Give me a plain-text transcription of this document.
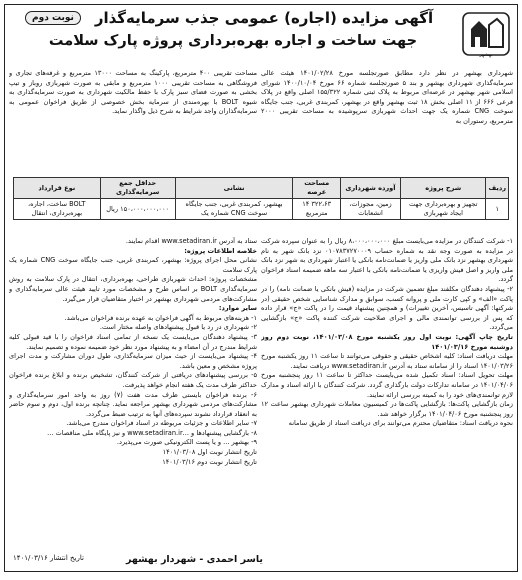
بهشهر
نوبت دوم	آگهی مزایده (اجاره) عمومی جذب سرمایه‌گذار
جهت ساخت و اجاره بهره‌برداری پروژه پارک سلامت

شهرداری بهشهر در نظر دارد مطابق صورتجلسه مورخ ۱۴۰۱/۰۲/۲۸ هیئت عالی سرمایه‌گذاری شهرداری بهشهر و بند ۵ صورتجلسه شماره ۶۶ مورخ ۱۴۰۰/۱۰/۰۴ شورای اسلامی شهر بهشهر در عرصه‌ای مربوط به پلاک ثبتی شماره ۱۵۵/۳۲۲ اصلی واقع در پلاک فرعی ۶۶۶ از ۱۱ اصلی بخش ۱۸ ثبت بهشهر واقع در بهشهر، کمربندی غربی، جنب جایگاه سوخت CNG شماره یک جهت احداث شهربازی سرپوشیده به مساحت تقریبی ۲۰۰۰ مترمربع، رستوران به

مساحت تقریبی ۴۰۰ مترمربع، پارکینگ به مساحت ۱۳۰۰۰ مترمربع و غرفه‌های تجاری و فروشگاهی به مساحت تقریبی ۱۰۰۰ مترمربع و مابقی به صورت شهربازی روباز و تیپ بخشی به صورت فضای سبز پارک با حفظ مالکیت شهرداری به صورت سرمایه‌گذاری به شیوه BOLT با بهره‌مندی از سرمایه بخش خصوصی از طریق فراخوان عمومی به سرمایه‌گذاران واجد شرایط به شرح ذیل واگذار نماید.

ردیف	شرح پروژه	آورده شهرداری	مساحت عرصه	نشانی	حداقل جمع سرمایه‌گذاری	نوع قرارداد
۱	تجهیز و بهره‌برداری جهت ایجاد شهربازی	زمین، مجوزات، انشعابات	۳۲۲،۶۳ ۱۴ مترمربع	بهشهر، کمربندی غربی، جنب جایگاه سوخت CNG شماره یک	۱۵۰،۰۰۰،۰۰۰،۰۰۰ ریال	BOLT ساخت، اجاره، بهره‌برداری، انتقال

۱- شرکت کنندگان در مزایده می‌بایست مبلغ ۸،۰۰۰،۰۰۰،۰۰۰ ریال را به عنوان سپرده شرکت در مزایده به صورت وجه نقد به شماره حساب ۰۱۰۷۸۳۷۲۷۰۰۰۹ نزد بانک شهر به نام شهرداری بهشهر نزد بانک ملی واریز یا ضمانت‌نامه بانکی یا اعتبار شهرداری به شهر نزد بانک ملی واریز و اصل فیش واریزی یا ضمانت‌نامه بانکی با اعتبار سه ماهه ضمیمه اسناد فراخوان گردد.

۲- پیشنهاد دهندگان مکلفند مبلغ تضمین شرکت در مزایده (فیش بانکی یا ضمانت نامه) را در پاکت «الف» و کپی کارت ملی و پروانه کسب، سوابق و مدارک شناسایی شخص حقیقی (در شرکتها: آگهی تاسیس، آخرین تغییرات) و همچنین پیشنهاد قیمت را در پاکت «ج» قرار داده که پس از بررسی توانمندی مالی و اجرای صلاحیت شرکت کننده پاکت «ج» بازگشایی می‌گردد.

تاریخ چاپ آگهی: نوبت اول روز یکشنبه مورخ ۱۴۰۱/۰۳/۰۸، نوبت دوم روز دوشنبه مورخ ۱۴۰۱/۰۳/۱۶

مهلت دریافت اسناد: کلیه اشخاص حقیقی و حقوقی می‌توانند تا ساعت ۱۱ روز یکشنبه مورخ ۱۴۰۱/۰۳/۲۶ اسناد را از سامانه ستاد به آدرس www.setadiran.ir دریافت نمایند.

مهلت تحویل اسناد: اسناد تکمیل شده می‌بایست حداکثر تا ساعت ۱۱ روز پنجشنبه مورخ ۱۴۰۱/۰۴/۰۶ در سامانه تدارکات دولت بارگذاری گردد. شرکت کنندگان با ارائه اسناد و مدارک لازم توانمندی‌های خود را به کمیته بررسی ارائه نمایند.

زمان بازگشایی پاکت‌ها: بازگشایی پاکت‌ها در کمیسیون معاملات شهرداری بهشهر ساعت ۱۲ روز پنجشنبه مورخ ۱۴۰۱/۰۴/۰۶ برگزار خواهد شد.

نحوه دریافت اسناد: متقاضیان محترم می‌توانند برای دریافت اسناد از طریق سامانه

ستاد به آدرس www.setadiran.ir اقدام نمایند.

خلاصه اطلاعات پروژه:

نشانی محل اجرای پروژه: بهشهر، کمربندی غربی، جنب جایگاه سوخت CNG شماره یک پارک سلامت

مشخصات پروژه: احداث شهربازی طراحی، بهره‌برداری، انتقال در پارک سلامت به روش سرمایه‌گذاری BOLT بر اساس طرح و مشخصات مورد تایید هیئت عالی سرمایه‌گذاری و مشارکت‌های مردمی شهرداری بهشهر در اختیار متقاضیان قرار می‌گیرد.

سایر موارد:

۱- هزینه‌های مربوط به آگهی فراخوان به عهده برنده فراخوان می‌باشد.

۲- شهرداری در رد یا قبول پیشنهادهای واصله مختار است.

۳- پیشنهاد دهندگان می‌بایست یک نسخه از تمامی اسناد فراخوان را با قید قبولی کلیه شرایط مندرج در آن امضاء و به پیشنهاد مورد نظر خود ضمیمه نموده و تصمیم نمایند.

۴- پیشنهاد می‌بایست از حیث میزان سرمایه‌گذاری، طول دوران مشارکت و مدت اجرای پروژه مشخص و معین باشد.

۵- بررسی پیشنهادهای دریافتی از شرکت کنندگان، تشخیص برنده و ابلاغ برنده فراخوان حداکثر ظرف مدت یک هفته انجام خواهد پذیرفت.

۶- برنده فراخوان بایستی ظرف مدت هفت (۷) روز به واحد امور سرمایه‌گذاری و مشارکت‌های مردمی شهرداری بهشهر مراجعه نماید. چنانچه برنده اول، دوم و سوم حاضر به انعقاد قرارداد نشوند سپرده‌های آنها به ترتیب ضبط می‌گردد.

۷- سایر اطلاعات و جزئیات مربوطه در اسناد فراخوان مندرج می‌باشد.

۸- بازگشایی پیشنهادها و ...www.setadiran.ir و نیز پایگاه ملی مناقصات ...

۹- بهشهر ... و یا پست الکترونیکی صورت می‌پذیرد.

تاریخ انتشار نوبت اول ۱۴۰۱/۰۳/۰۸

تاریخ انتشار نوبت دوم ۱۴۰۱/۰۳/۱۶

یاسر احمدی - شهردار بهشهر
تاریخ انتشار ۱۴۰۱/۰۳/۱۶
